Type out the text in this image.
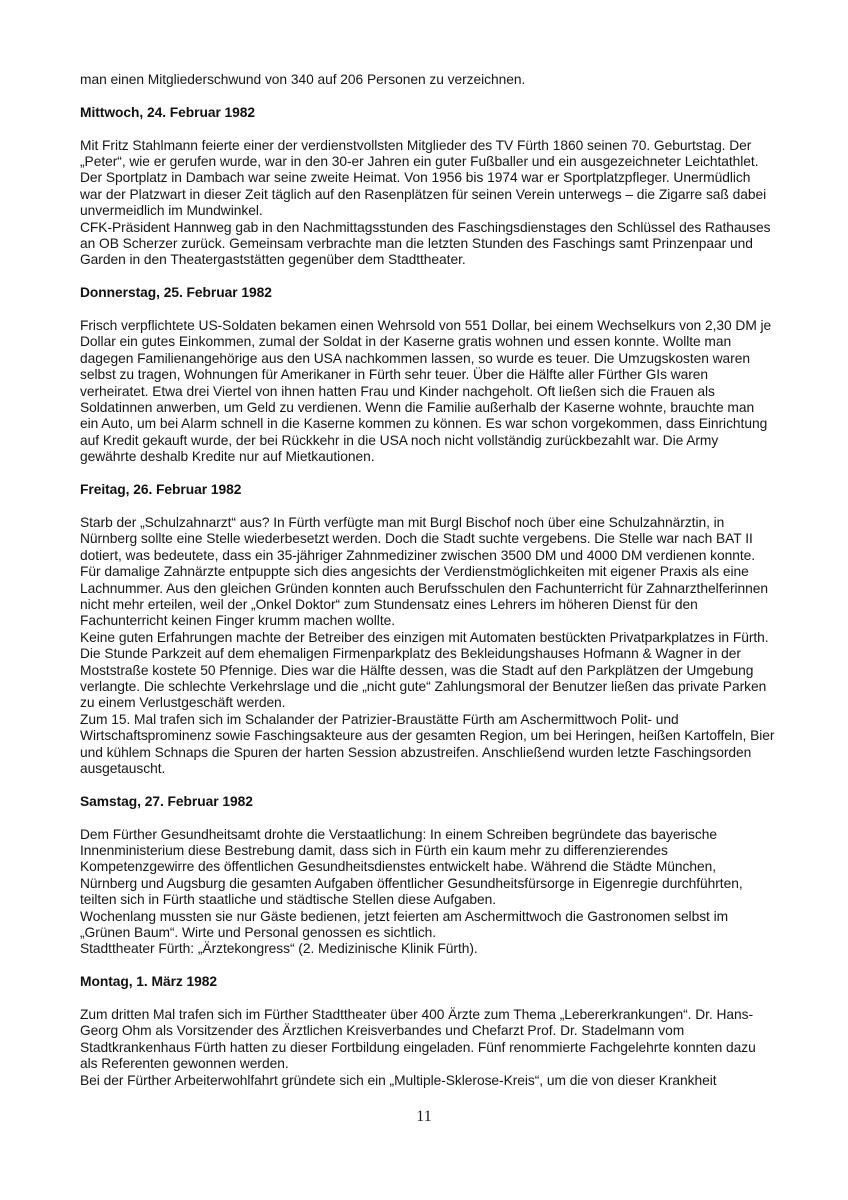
man einen Mitgliederschwund von 340 auf 206 Personen zu verzeichnen.

Mittwoch, 24. Februar 1982

Mit Fritz Stahlmann feierte einer der verdienstvollsten Mitglieder des TV Fürth 1860 seinen 70. Geburtstag. Der „Peter“, wie er gerufen wurde, war in den 30-er Jahren ein guter Fußballer und ein ausgezeichneter Leichtathlet. Der Sportplatz in Dambach war seine zweite Heimat. Von 1956 bis 1974 war er Sportplatzpfleger. Unermüdlich war der Platzwart in dieser Zeit täglich auf den Rasenplätzen für seinen Verein unterwegs – die Zigarre saß dabei unvermeidlich im Mundwinkel.

CFK-Präsident Hannweg gab in den Nachmittagsstunden des Faschingsdienstages den Schlüssel des Rathauses an OB Scherzer zurück. Gemeinsam verbrachte man die letzten Stunden des Faschings samt Prinzenpaar und Garden in den Theatergaststätten gegenüber dem Stadttheater.

Donnerstag, 25. Februar 1982

Frisch verpflichtete US-Soldaten bekamen einen Wehrsold von 551 Dollar, bei einem Wechselkurs von 2,30 DM je Dollar ein gutes Einkommen, zumal der Soldat in der Kaserne gratis wohnen und essen konnte. Wollte man dagegen Familienangehörige aus den USA nachkommen lassen, so wurde es teuer. Die Umzugskosten waren selbst zu tragen, Wohnungen für Amerikaner in Fürth sehr teuer. Über die Hälfte aller Fürther GIs waren verheiratet. Etwa drei Viertel von ihnen hatten Frau und Kinder nachgeholt. Oft ließen sich die Frauen als Soldatinnen anwerben, um Geld zu verdienen. Wenn die Familie außerhalb der Kaserne wohnte, brauchte man ein Auto, um bei Alarm schnell in die Kaserne kommen zu können. Es war schon vorgekommen, dass Einrichtung auf Kredit gekauft wurde, der bei Rückkehr in die USA noch nicht vollständig zurückbezahlt war. Die Army gewährte deshalb Kredite nur auf Mietkautionen.

Freitag, 26. Februar 1982

Starb der „Schulzahnarzt“ aus? In Fürth verfügte man mit Burgl Bischof noch über eine Schulzahnärztin, in Nürnberg sollte eine Stelle wiederbesetzt werden. Doch die Stadt suchte vergebens. Die Stelle war nach BAT II dotiert, was bedeutete, dass ein 35-jähriger Zahnmediziner zwischen 3500 DM und 4000 DM verdienen konnte. Für damalige Zahnärzte entpuppte sich dies angesichts der Verdienstmöglichkeiten mit eigener Praxis als eine Lachnummer. Aus den gleichen Gründen konnten auch Berufsschulen den Fachunterricht für Zahnarzthelferinnen nicht mehr erteilen, weil der „Onkel Doktor“ zum Stundensatz eines Lehrers im höheren Dienst für den Fachunterricht keinen Finger krumm machen wollte.

Keine guten Erfahrungen machte der Betreiber des einzigen mit Automaten bestückten Privatparkplatzes in Fürth. Die Stunde Parkzeit auf dem ehemaligen Firmenparkplatz des Bekleidungshauses Hofmann & Wagner in der Moststraße kostete 50 Pfennige. Dies war die Hälfte dessen, was die Stadt auf den Parkplätzen der Umgebung verlangte. Die schlechte Verkehrslage und die „nicht gute“ Zahlungsmoral der Benutzer ließen das private Parken zu einem Verlustgeschäft werden.

Zum 15. Mal trafen sich im Schalander der Patrizier-Braustätte Fürth am Aschermittwoch Polit- und Wirtschaftsprominenz sowie Faschingsakteure aus der gesamten Region, um bei Heringen, heißen Kartoffeln, Bier und kühlem Schnaps die Spuren der harten Session abzustreifen. Anschließend wurden letzte Faschingsorden ausgetauscht.

Samstag, 27. Februar 1982

Dem Fürther Gesundheitsamt drohte die Verstaatlichung: In einem Schreiben begründete das bayerische Innenministerium diese Bestrebung damit, dass sich in Fürth ein kaum mehr zu differenzierendes Kompetenzgewirre des öffentlichen Gesundheitsdienstes entwickelt habe. Während die Städte München, Nürnberg und Augsburg die gesamten Aufgaben öffentlicher Gesundheitsfürsorge in Eigenregie durchführten, teilten sich in Fürth staatliche und städtische Stellen diese Aufgaben.

Wochenlang mussten sie nur Gäste bedienen, jetzt feierten am Aschermittwoch die Gastronomen selbst im „Grünen Baum“. Wirte und Personal genossen es sichtlich.

Stadttheater Fürth: „Ärztekongress“ (2. Medizinische Klinik Fürth).

Montag, 1. März 1982

Zum dritten Mal trafen sich im Fürther Stadttheater über 400 Ärzte zum Thema „Lebererkrankungen“. Dr. Hans-Georg Ohm als Vorsitzender des Ärztlichen Kreisverbandes und Chefarzt Prof. Dr. Stadelmann vom Stadtkrankenhaus Fürth hatten zu dieser Fortbildung eingeladen. Fünf renommierte Fachgelehrte konnten dazu als Referenten gewonnen werden.

Bei der Fürther Arbeiterwohlfahrt gründete sich ein „Multiple-Sklerose-Kreis“, um die von dieser Krankheit

11
